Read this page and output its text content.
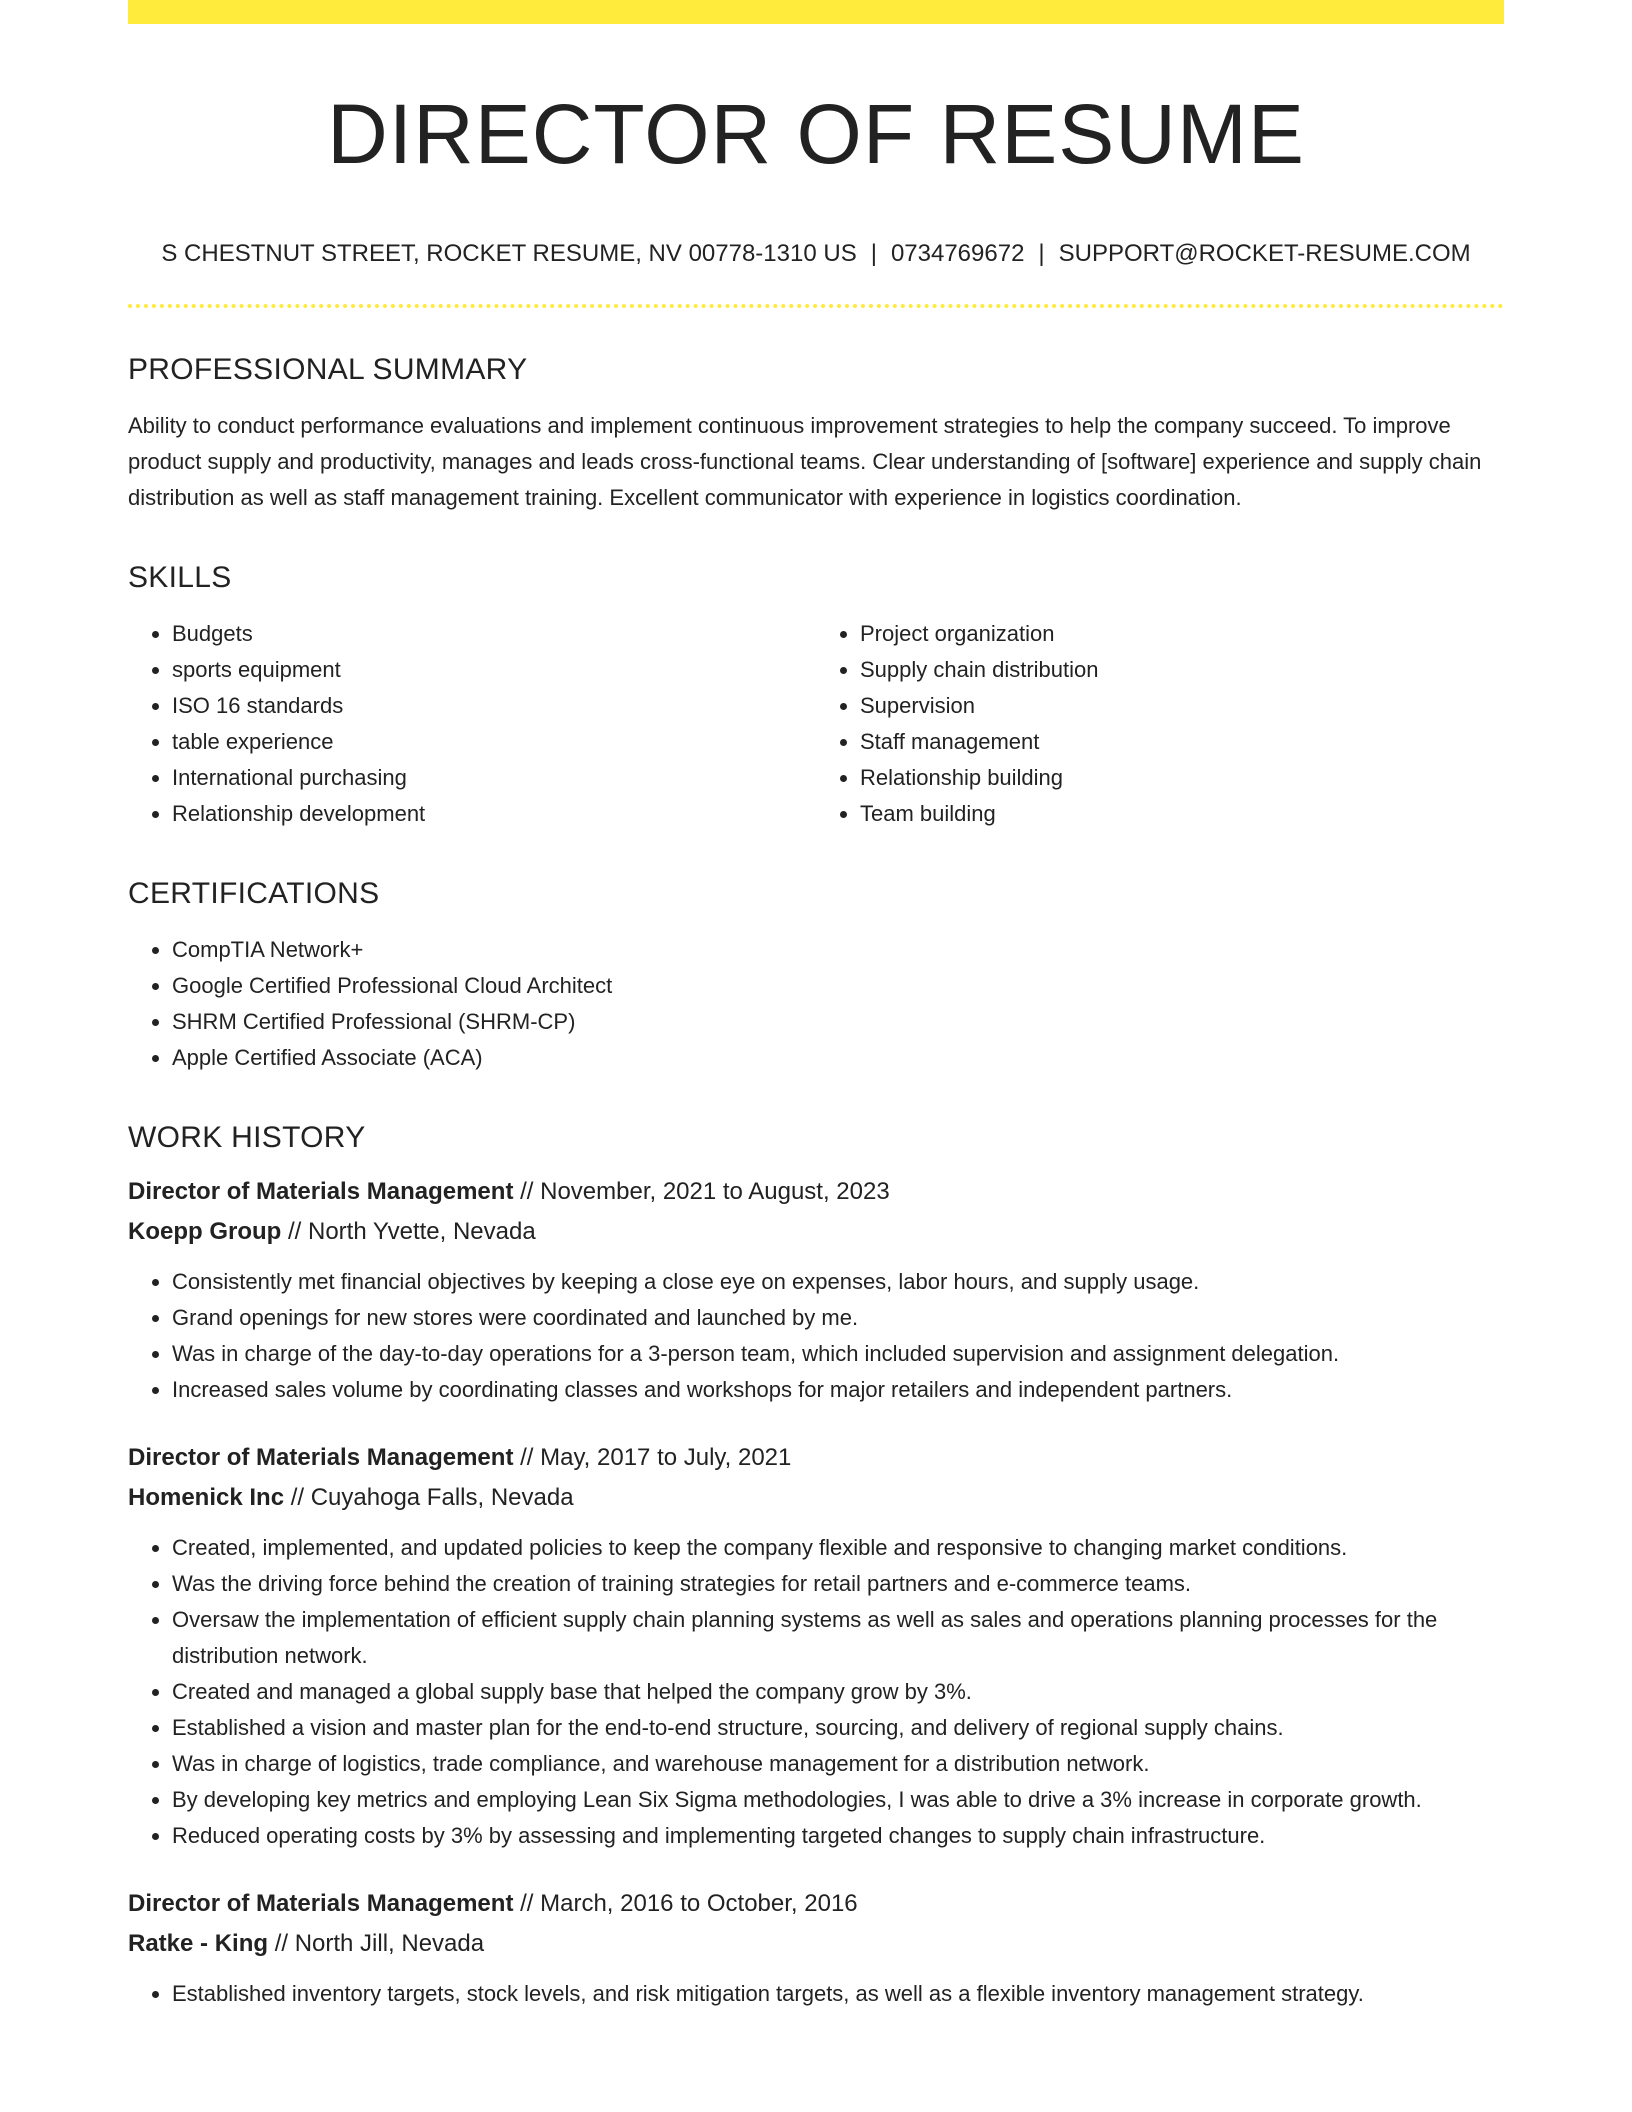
DIRECTOR OF RESUME
S CHESTNUT STREET, ROCKET RESUME, NV 00778-1310 US | 0734769672 | SUPPORT@ROCKET-RESUME.COM
PROFESSIONAL SUMMARY

Ability to conduct performance evaluations and implement continuous improvement strategies to help the company succeed. To improve product supply and productivity, manages and leads cross-functional teams. Clear understanding of [software] experience and supply chain distribution as well as staff management training. Excellent communicator with experience in logistics coordination.

SKILLS
• Budgets
• sports equipment
• ISO 16 standards
• table experience
• International purchasing
• Relationship development
• Project organization
• Supply chain distribution
• Supervision
• Staff management
• Relationship building
• Team building
CERTIFICATIONS
• CompTIA Network+
• Google Certified Professional Cloud Architect
• SHRM Certified Professional (SHRM-CP)
• Apple Certified Associate (ACA)
WORK HISTORY
Director of Materials Management // November, 2021 to August, 2023
Koepp Group // North Yvette, Nevada
• Consistently met financial objectives by keeping a close eye on expenses, labor hours, and supply usage.
• Grand openings for new stores were coordinated and launched by me.
• Was in charge of the day-to-day operations for a 3-person team, which included supervision and assignment delegation.
• Increased sales volume by coordinating classes and workshops for major retailers and independent partners.
Director of Materials Management // May, 2017 to July, 2021
Homenick Inc // Cuyahoga Falls, Nevada
• Created, implemented, and updated policies to keep the company flexible and responsive to changing market conditions.
• Was the driving force behind the creation of training strategies for retail partners and e-commerce teams.
• Oversaw the implementation of efficient supply chain planning systems as well as sales and operations planning processes for the distribution network.
• Created and managed a global supply base that helped the company grow by 3%.
• Established a vision and master plan for the end-to-end structure, sourcing, and delivery of regional supply chains.
• Was in charge of logistics, trade compliance, and warehouse management for a distribution network.
• By developing key metrics and employing Lean Six Sigma methodologies, I was able to drive a 3% increase in corporate growth.
• Reduced operating costs by 3% by assessing and implementing targeted changes to supply chain infrastructure.
Director of Materials Management // March, 2016 to October, 2016
Ratke - King // North Jill, Nevada
• Established inventory targets, stock levels, and risk mitigation targets, as well as a flexible inventory management strategy.
